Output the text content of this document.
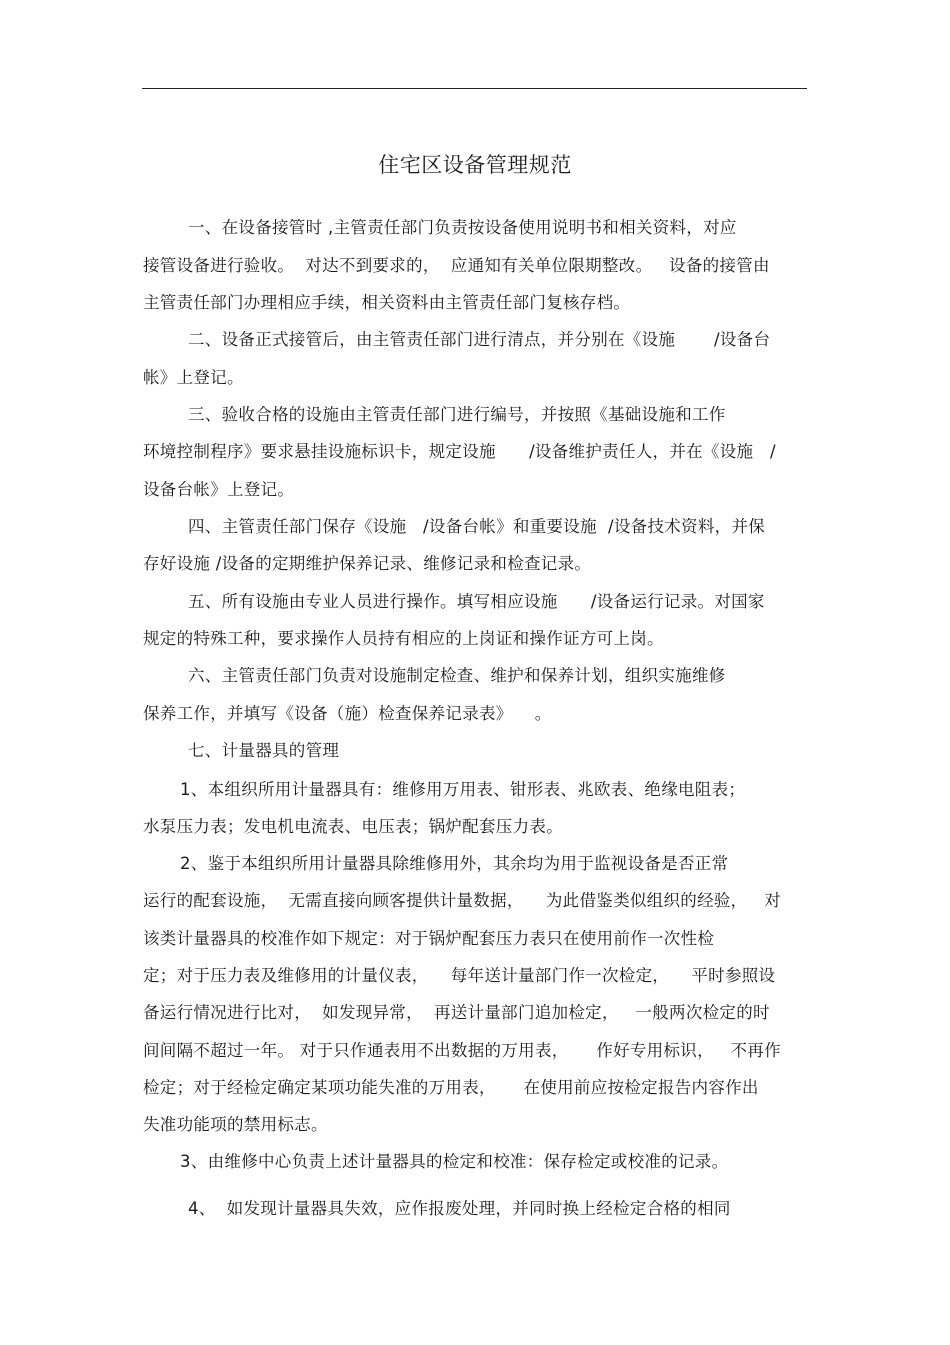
住宅区设备管理规范
一、在设备接管时 ,主管责任部门负责按设备使用说明书和相关资料，对应
接管设备进行验收。  对达不到要求的，  应通知有关单位限期整改。   设备的接管由
主管责任部门办理相应手续，相关资料由主管责任部门复核存档。
二、设备正式接管后，由主管责任部门进行清点，并分别在《设施       /设备台
帐》上登记。
三、验收合格的设施由主管责任部门进行编号，并按照《基础设施和工作
环境控制程序》要求悬挂设施标识卡，规定设施      /设备维护责任人，并在《设施   /
设备台帐》上登记。
四、主管责任部门保存《设施   /设备台帐》和重要设施  /设备技术资料，并保
存好设施 /设备的定期维护保养记录、维修记录和检查记录。
五、所有设施由专业人员进行操作。填写相应设施      /设备运行记录。对国家
规定的特殊工种，要求操作人员持有相应的上岗证和操作证方可上岗。
六、主管责任部门负责对设施制定检查、维护和保养计划，组织实施维修
保养工作，并填写《设备（施）检查保养记录表》    。
七、计量器具的管理
1、本组织所用计量器具有：维修用万用表、钳形表、兆欧表、绝缘电阻表；
水泵压力表；发电机电流表、电压表；锅炉配套压力表。
2、鉴于本组织所用计量器具除维修用外，其余均为用于监视设备是否正常
运行的配套设施，  无需直接向顾客提供计量数据，    为此借鉴类似组织的经验，   对
该类计量器具的校准作如下规定：对于锅炉配套压力表只在使用前作一次性检
定；对于压力表及维修用的计量仪表，    每年送计量部门作一次检定，    平时参照设
备运行情况进行比对，  如发现异常，  再送计量部门追加检定，   一般两次检定的时
间间隔不超过一年。 对于只作通表用不出数据的万用表，     作好专用标识，   不再作
检定；对于经检定确定某项功能失准的万用表，     在使用前应按检定报告内容作出
失准功能项的禁用标志。
3、由维修中心负责上述计量器具的检定和校准：保存检定或校准的记录。
4、  如发现计量器具失效，应作报废处理，并同时换上经检定合格的相同
